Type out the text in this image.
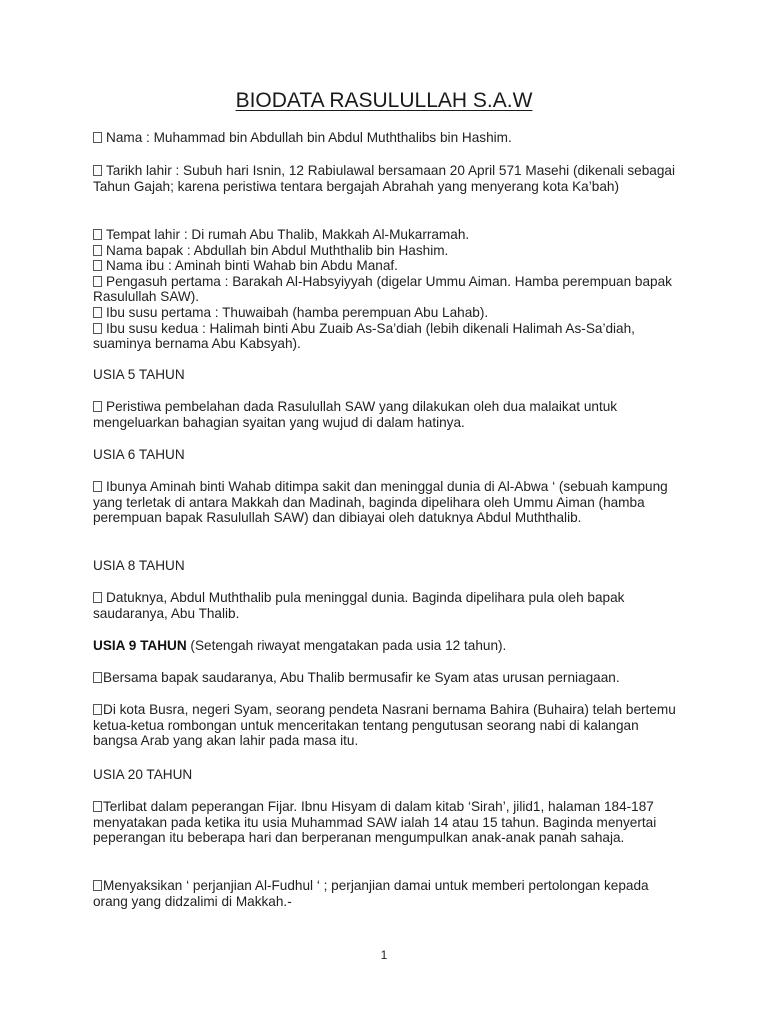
BIODATA RASULULLAH S.A.W
Nama : Muhammad bin Abdullah bin Abdul Muththalibs bin Hashim.
Tarikh lahir : Subuh hari Isnin, 12 Rabiulawal bersamaan 20 April 571 Masehi (dikenali sebagai Tahun Gajah; karena peristiwa tentara bergajah Abrahah yang menyerang kota Ka’bah)
Tempat lahir : Di rumah Abu Thalib, Makkah Al-Mukarramah.
Nama bapak : Abdullah bin Abdul Muththalib bin Hashim.
Nama ibu : Aminah binti Wahab bin Abdu Manaf.
Pengasuh pertama : Barakah Al-Habsyiyyah (digelar Ummu Aiman. Hamba perempuan bapak Rasulullah SAW).
Ibu susu pertama : Thuwaibah (hamba perempuan Abu Lahab).
Ibu susu kedua : Halimah binti Abu Zuaib As-Sa’diah (lebih dikenali Halimah As-Sa’diah, suaminya bernama Abu Kabsyah).
USIA 5 TAHUN
Peristiwa pembelahan dada Rasulullah SAW yang dilakukan oleh dua malaikat untuk mengeluarkan bahagian syaitan yang wujud di dalam hatinya.
USIA 6 TAHUN
Ibunya Aminah binti Wahab ditimpa sakit dan meninggal dunia di Al-Abwa ‘ (sebuah kampung yang terletak di antara Makkah dan Madinah, baginda dipelihara oleh Ummu Aiman (hamba perempuan bapak Rasulullah SAW) dan dibiayai oleh datuknya Abdul Muththalib.
USIA 8 TAHUN
Datuknya, Abdul Muththalib pula meninggal dunia. Baginda dipelihara pula oleh bapak saudaranya, Abu Thalib.
USIA 9 TAHUN (Setengah riwayat mengatakan pada usia 12 tahun).
Bersama bapak saudaranya, Abu Thalib bermusafir ke Syam atas urusan perniagaan.
Di kota Busra, negeri Syam, seorang pendeta Nasrani bernama Bahira (Buhaira) telah bertemu ketua-ketua rombongan untuk menceritakan tentang pengutusan seorang nabi di kalangan bangsa Arab yang akan lahir pada masa itu.
USIA 20 TAHUN
Terlibat dalam peperangan Fijar. Ibnu Hisyam di dalam kitab ‘Sirah’, jilid1, halaman 184-187 menyatakan pada ketika itu usia Muhammad SAW ialah 14 atau 15 tahun. Baginda menyertai peperangan itu beberapa hari dan berperanan mengumpulkan anak-anak panah sahaja.
Menyaksikan ‘ perjanjian Al-Fudhul ‘ ; perjanjian damai untuk memberi pertolongan kepada orang yang didzalimi di Makkah.-
1
